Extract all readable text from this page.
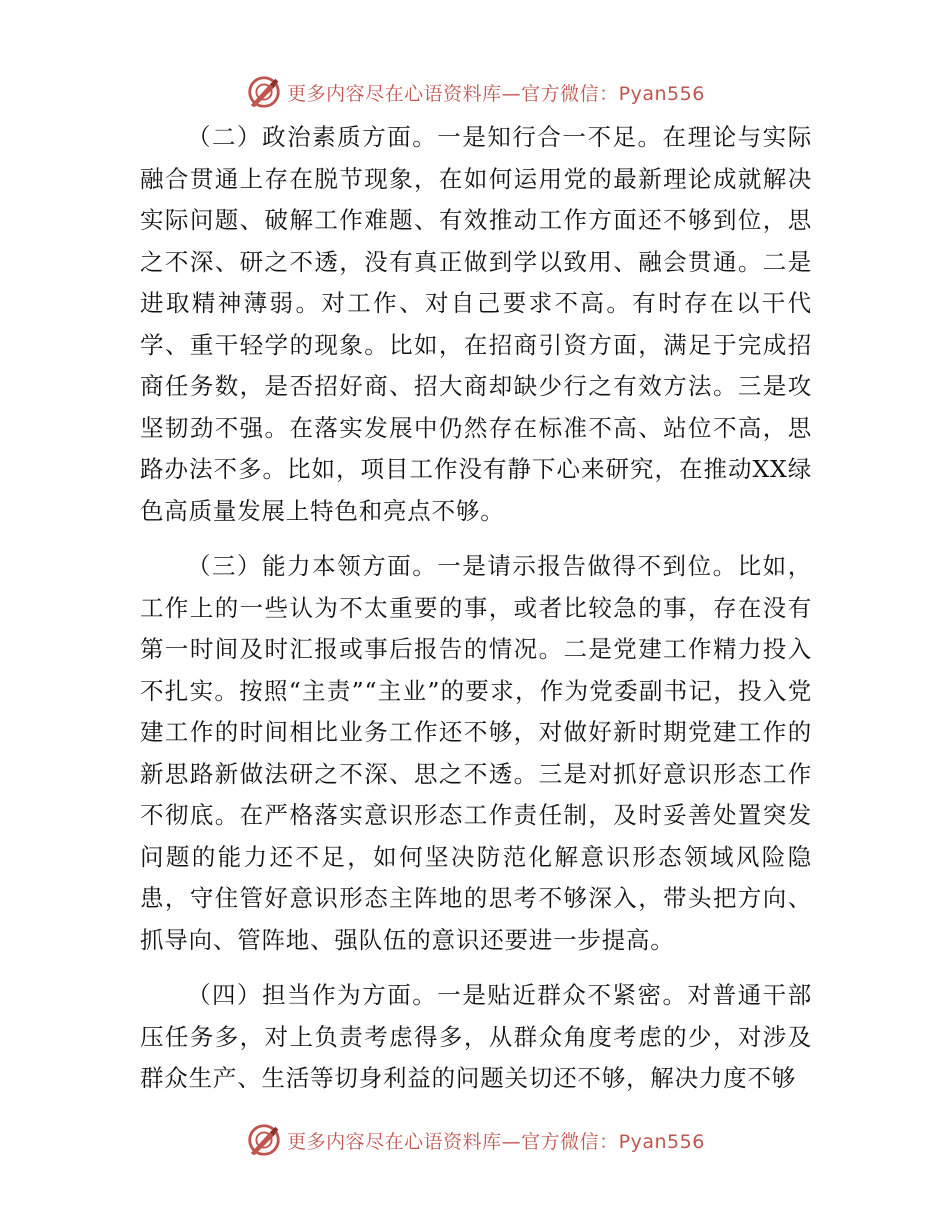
更多内容尽在心语资料库—官方微信：Pyan556

（二）政治素质方面。一是知行合一不足。在理论与实际融合贯通上存在脱节现象，在如何运用党的最新理论成就解决实际问题、破解工作难题、有效推动工作方面还不够到位，思之不深、研之不透，没有真正做到学以致用、融会贯通。二是进取精神薄弱。对工作、对自己要求不高。有时存在以干代学、重干轻学的现象。比如，在招商引资方面，满足于完成招商任务数，是否招好商、招大商却缺少行之有效方法。三是攻坚韧劲不强。在落实发展中仍然存在标准不高、站位不高，思路办法不多。比如，项目工作没有静下心来研究，在推动XX绿色高质量发展上特色和亮点不够。

（三）能力本领方面。一是请示报告做得不到位。比如，工作上的一些认为不太重要的事，或者比较急的事，存在没有第一时间及时汇报或事后报告的情况。二是党建工作精力投入不扎实。按照“主责”“主业”的要求，作为党委副书记，投入党建工作的时间相比业务工作还不够，对做好新时期党建工作的新思路新做法研之不深、思之不透。三是对抓好意识形态工作不彻底。在严格落实意识形态工作责任制，及时妥善处置突发问题的能力还不足，如何坚决防范化解意识形态领域风险隐患，守住管好意识形态主阵地的思考不够深入，带头把方向、抓导向、管阵地、强队伍的意识还要进一步提高。

（四）担当作为方面。一是贴近群众不紧密。对普通干部压任务多，对上负责考虑得多，从群众角度考虑的少，对涉及群众生产、生活等切身利益的问题关切还不够，解决力度不够

更多内容尽在心语资料库—官方微信：Pyan556
